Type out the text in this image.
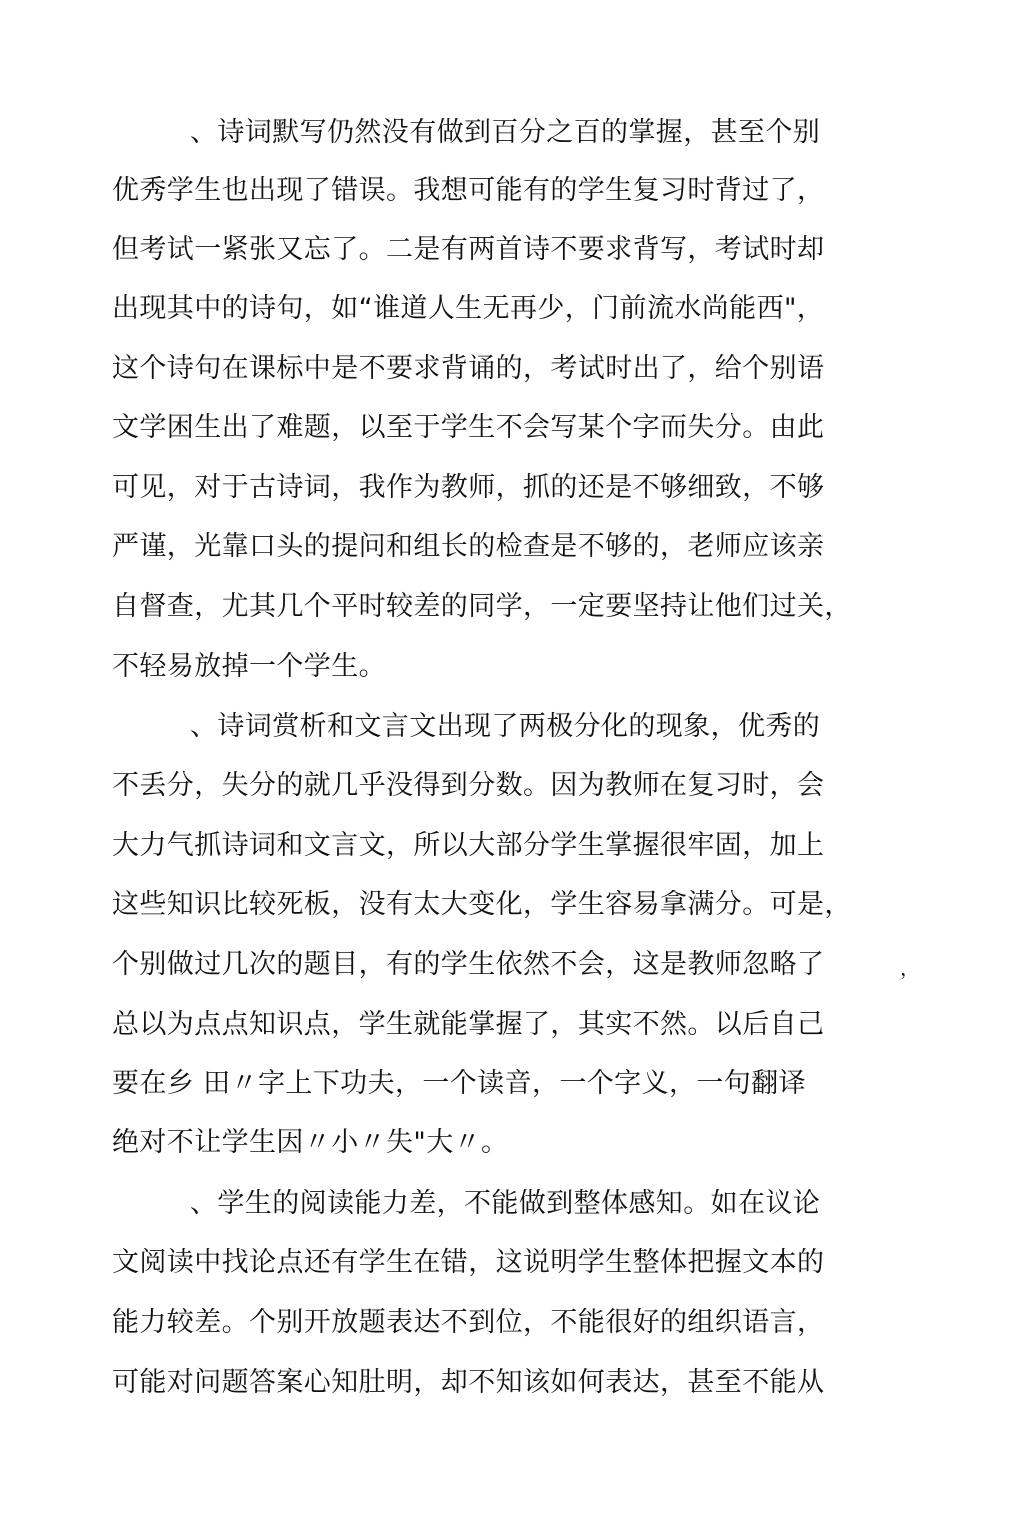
、诗词默写仍然没有做到百分之百的掌握，甚至个别
优秀学生也出现了错误。我想可能有的学生复习时背过了，
但考试一紧张又忘了。二是有两首诗不要求背写，考试时却
出现其中的诗句，如“谁道人生无再少，门前流水尚能西"，
这个诗句在课标中是不要求背诵的，考试时出了，给个别语
文学困生出了难题，以至于学生不会写某个字而失分。由此
可见，对于古诗词，我作为教师，抓的还是不够细致，不够
严谨，光靠口头的提问和组长的检查是不够的，老师应该亲
自督查，尤其几个平时较差的同学，一定要坚持让他们过关，
不轻易放掉一个学生。
、诗词赏析和文言文出现了两极分化的现象，优秀的
不丢分，失分的就几乎没得到分数。因为教师在复习时，会
大力气抓诗词和文言文，所以大部分学生掌握很牢固，加上
这些知识比较死板，没有太大变化，学生容易拿满分。可是，
个别做过几次的题目，有的学生依然不会，这是教师忽略了
总以为点点知识点，学生就能掌握了，其实不然。以后自己
要在乡 田〃字上下功夫，一个读音，一个字义，一句翻译
绝对不让学生因〃小〃失"大〃。
、学生的阅读能力差，不能做到整体感知。如在议论
文阅读中找论点还有学生在错，这说明学生整体把握文本的
能力较差。个别开放题表达不到位，不能很好的组织语言，
可能对问题答案心知肚明，却不知该如何表达，甚至不能从
，
